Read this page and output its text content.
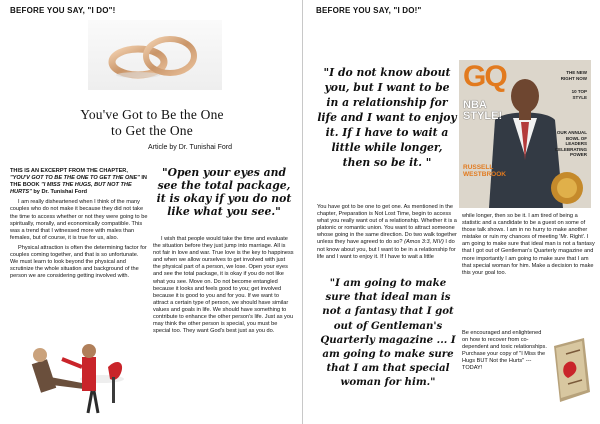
BEFORE YOU SAY, "I DO"!
You've Got to Be the One
to Get the One
Article by Dr. Tunishai Ford

THIS IS AN EXCERPT FROM THE CHAPTER, "YOU'V GOT TO BE THE ONE TO GET THE ONE" IN THE BOOK "I MISS THE HUGS, BUT NOT THE HURTS" by Dr. Tunishai Ford

I am really disheartened when I think of the many couples who do not make it because they did not take the time to access whether or not they were going to be spiritually, morally, and economically compatible. This was a trend that I witnessed more with males than females, but of course, it is true for us, also.

Physical attraction is often the determining factor for couples coming together, and that is so unfortunate. We must learn to look beyond the physical and scrutinize the whole situation and background of the person we are considering getting involved with.

"Open your eyes and see the total package, it is okay if you do not like what you see."

I wish that people would take the time and evaluate the situation before they just jump into marriage. All is not fair in love and war. True love is the key to happiness and when we allow ourselves to get involved with just the physical part of a person, we lose. Open your eyes and see the total package, it is okay if you do not like what you see. Move on. Do not become entangled because it looks and feels good to you; get involved because it is good to you and for you. If we want to attract a certain type of person, we should have similar values and goals in life. We should have something to contribute to enhance the other person's life. Just as you may think the other person is special, you must be special too. They want God's best just as you do.

BEFORE YOU SAY, "I DO!"
"I do not know about you, but I want to be in a relationship for life and I want to enjoy it. If I have to wait a little while longer, then so be it. "
GQ
NBA
STYLE!
RUSSELL
WESTBROOK
THE NEW
RIGHT NOW
10 TOP
STYLE
OUR ANNUAL
BOWL OF
LEADERS
CELEBRATING
POWER

You have got to be one to get one. As mentioned in the chapter, Preparation is Not Lost Time, begin to access what you really want out of a relationship. Whether it is a platonic or romantic union. You want to attract someone whose going in the same direction. Do two walk together unless they have agreed to do so? (Amos 3:3, NIV) I do not know about you, but I want to be in a relationship for life and I want to enjoy it. If I have to wait a little

"I am going to make sure that ideal man is not a fantasy that I got out of Gentleman's Quarterly magazine ... I am going to make sure that I am that special woman for him."

while longer, then so be it. I am tired of being a statistic and a candidate to be a guest on some of those talk shows. I am in no hurry to make another mistake or ruin my chances of meeting 'Mr. Right'. I am going to make sure that ideal man is not a fantasy that I got out of Gentleman's Quarterly magazine and more importantly I am going to make sure that I am that special woman for him. Make a decision to make this your goal too.

Be encouraged and enlightened on how to recover from co-dependent and toxic relationships. Purchase your copy of "I Miss the Hugs BUT Not the Hurts" --- TODAY!
